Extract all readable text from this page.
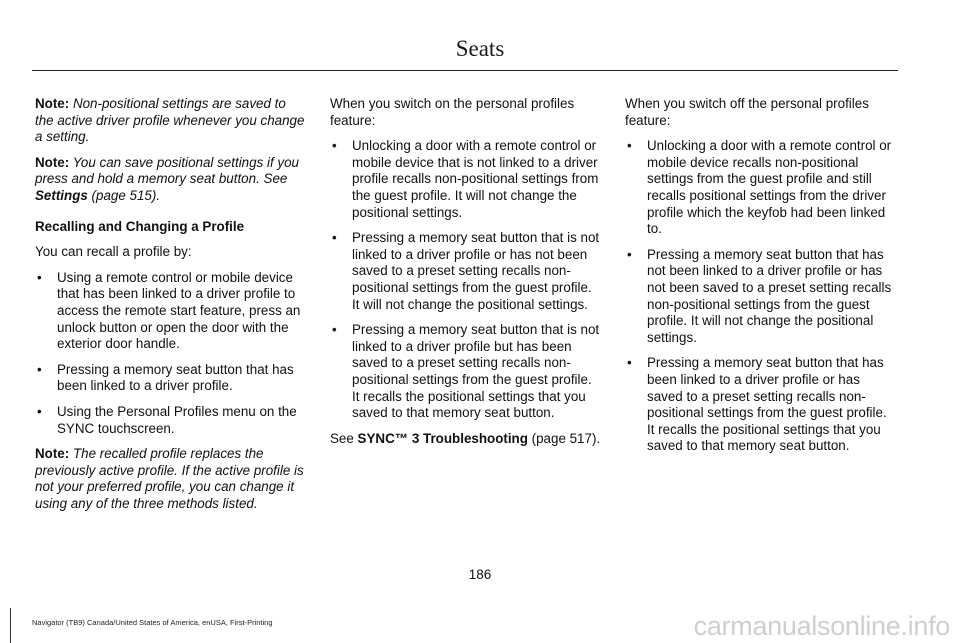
Seats

Note: Non-positional settings are saved to the active driver profile whenever you change a setting.

Note: You can save positional settings if you press and hold a memory seat button. See Settings (page 515).

Recalling and Changing a Profile

You can recall a profile by:

• Using a remote control or mobile device that has been linked to a driver profile to access the remote start feature, press an unlock button or open the door with the exterior door handle.
• Pressing a memory seat button that has been linked to a driver profile.
• Using the Personal Profiles menu on the SYNC touchscreen.

Note: The recalled profile replaces the previously active profile. If the active profile is not your preferred profile, you can change it using any of the three methods listed.

When you switch on the personal profiles feature:

• Unlocking a door with a remote control or mobile device that is not linked to a driver profile recalls non-positional settings from the guest profile. It will not change the positional settings.
• Pressing a memory seat button that is not linked to a driver profile or has not been saved to a preset setting recalls non-positional settings from the guest profile. It will not change the positional settings.
• Pressing a memory seat button that is not linked to a driver profile but has been saved to a preset setting recalls non-positional settings from the guest profile. It recalls the positional settings that you saved to that memory seat button.

See SYNC™ 3 Troubleshooting (page 517).

When you switch off the personal profiles feature:

• Unlocking a door with a remote control or mobile device recalls non-positional settings from the guest profile and still recalls positional settings from the driver profile which the keyfob had been linked to.
• Pressing a memory seat button that has not been linked to a driver profile or has not been saved to a preset setting recalls non-positional settings from the guest profile. It will not change the positional settings.
• Pressing a memory seat button that has been linked to a driver profile or has saved to a preset setting recalls non-positional settings from the guest profile. It recalls the positional settings that you saved to that memory seat button.
186
Navigator (TB9) Canada/United States of America, enUSA, First-Printing	carmanualsonline.info
